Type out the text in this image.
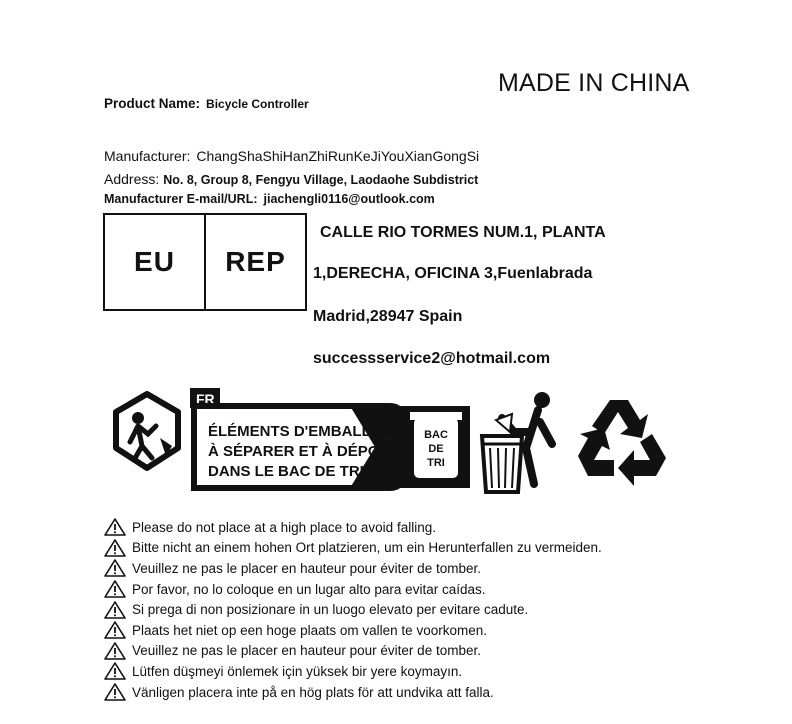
MADE IN CHINA
Product Name: Bicycle Controller
Manufacturer: ChangShaShiHanZhiRunKeJiYouXianGongSi
Address: No. 8, Group 8, Fengyu Village, Laodaohe Subdistrict
Manufacturer E-mail/URL: jiachengli0116@outlook.com
EU	REP
CALLE RIO TORMES NUM.1, PLANTA
1,DERECHA, OFICINA 3,Fuenlabrada
Madrid,28947 Spain
successservice2@hotmail.com
FR
ÉLÉMENTS D'EMBALLAGE
À SÉPARER ET À DÉPOSER
DANS LE BAC DE TRI
BAC
DE
TRI
Please do not place at a high place to avoid falling.
Bitte nicht an einem hohen Ort platzieren, um ein Herunterfallen zu vermeiden.
Veuillez ne pas le placer en hauteur pour éviter de tomber.
Por favor, no lo coloque en un lugar alto para evitar caídas.
Si prega di non posizionare in un luogo elevato per evitare cadute.
Plaats het niet op een hoge plaats om vallen te voorkomen.
Veuillez ne pas le placer en hauteur pour éviter de tomber.
Lütfen düşmeyi önlemek için yüksek bir yere koymayın.
Vänligen placera inte på en hög plats för att undvika att falla.
